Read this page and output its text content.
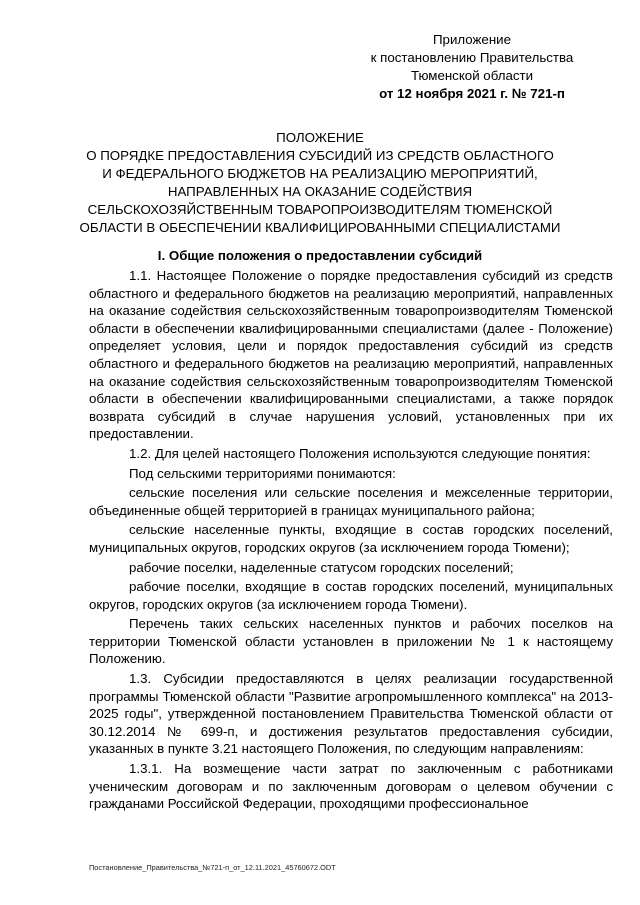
Приложение
к постановлению Правительства
Тюменской области
от 12 ноября 2021 г. № 721-п
ПОЛОЖЕНИЕ
О ПОРЯДКЕ ПРЕДОСТАВЛЕНИЯ СУБСИДИЙ ИЗ СРЕДСТВ ОБЛАСТНОГО
И ФЕДЕРАЛЬНОГО БЮДЖЕТОВ НА РЕАЛИЗАЦИЮ МЕРОПРИЯТИЙ,
НАПРАВЛЕННЫХ НА ОКАЗАНИЕ СОДЕЙСТВИЯ
СЕЛЬСКОХОЗЯЙСТВЕННЫМ ТОВАРОПРОИЗВОДИТЕЛЯМ ТЮМЕНСКОЙ
ОБЛАСТИ В ОБЕСПЕЧЕНИИ КВАЛИФИЦИРОВАННЫМИ СПЕЦИАЛИСТАМИ
I. Общие положения о предоставлении субсидий

1.1. Настоящее Положение о порядке предоставления субсидий из средств областного и федерального бюджетов на реализацию мероприятий, направленных на оказание содействия сельскохозяйственным товаропроизводителям Тюменской области в обеспечении квалифицированными специалистами (далее - Положение) определяет условия, цели и порядок предоставления субсидий из средств областного и федерального бюджетов на реализацию мероприятий, направленных на оказание содействия сельскохозяйственным товаропроизводителям Тюменской области в обеспечении квалифицированными специалистами, а также порядок возврата субсидий в случае нарушения условий, установленных при их предоставлении.

1.2. Для целей настоящего Положения используются следующие понятия:

Под сельскими территориями понимаются:

сельские поселения или сельские поселения и межселенные территории, объединенные общей территорией в границах муниципального района;

сельские населенные пункты, входящие в состав городских поселений, муниципальных округов, городских округов (за исключением города Тюмени);

рабочие поселки, наделенные статусом городских поселений;

рабочие поселки, входящие в состав городских поселений, муниципальных округов, городских округов (за исключением города Тюмени).

Перечень таких сельских населенных пунктов и рабочих поселков на территории Тюменской области установлен в приложении № 1 к настоящему Положению.

1.3. Субсидии предоставляются в целях реализации государственной программы Тюменской области "Развитие агропромышленного комплекса" на 2013-2025 годы", утвержденной постановлением Правительства Тюменской области от 30.12.2014 № 699-п, и достижения результатов предоставления субсидии, указанных в пункте 3.21 настоящего Положения, по следующим направлениям:

1.3.1. На возмещение части затрат по заключенным с работниками ученическим договорам и по заключенным договорам о целевом обучении с гражданами Российской Федерации, проходящими профессиональное

Постановление_Правительства_№721-п_от_12.11.2021_45760672.ODT
